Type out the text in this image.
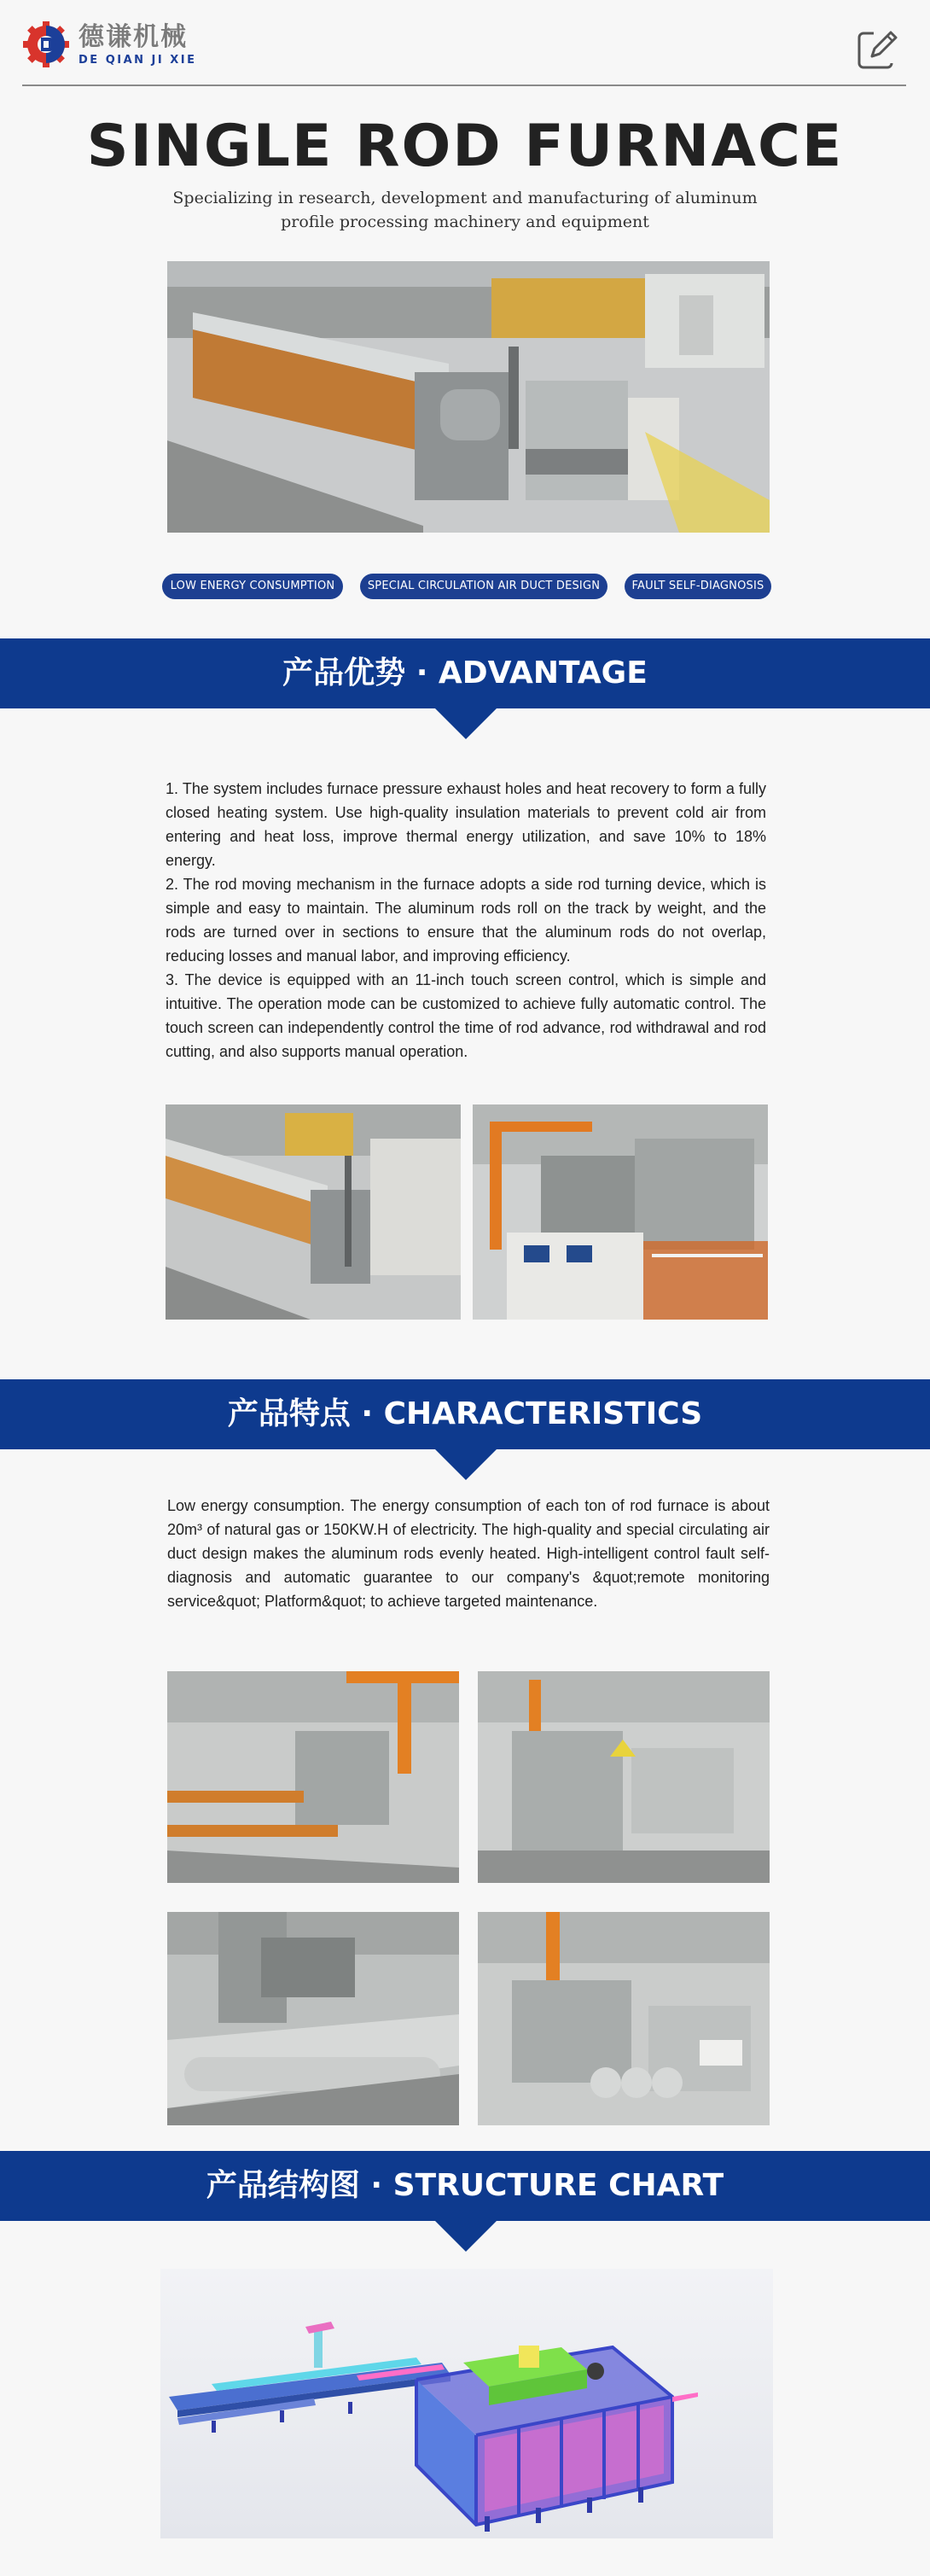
德谦机械
DE QIAN JI XIE
SINGLE ROD FURNACE
Specializing in research, development and manufacturing of aluminum profile processing machinery and equipment
LOW ENERGY CONSUMPTION	SPECIAL CIRCULATION AIR DUCT DESIGN	FAULT SELF-DIAGNOSIS
产品优势 · ADVANTAGE

1. The system includes furnace pressure exhaust holes and heat recovery to form a fully closed heating system. Use high-quality insulation materials to prevent cold air from entering and heat loss, improve thermal energy utilization, and save 10% to 18% energy.

2. The rod moving mechanism in the furnace adopts a side rod turning device, which is simple and easy to maintain. The aluminum rods roll on the track by weight, and the rods are turned over in sections to ensure that the aluminum rods do not overlap, reducing losses and manual labor, and improving efficiency.

3. The device is equipped with an 11-inch touch screen control, which is simple and intuitive. The operation mode can be customized to achieve fully automatic control. The touch screen can independently control the time of rod advance, rod withdrawal and rod cutting, and also supports manual operation.

产品特点 · CHARACTERISTICS
Low energy consumption. The energy consumption of each ton of rod furnace is about 20m³ of natural gas or 150KW.H of electricity. The high-quality and special circulating air duct design makes the aluminum rods evenly heated. High-intelligent control fault self-diagnosis and automatic guarantee to our company's &quot;remote monitoring service&quot; Platform&quot; to achieve targeted maintenance.
产品结构图 · STRUCTURE CHART
